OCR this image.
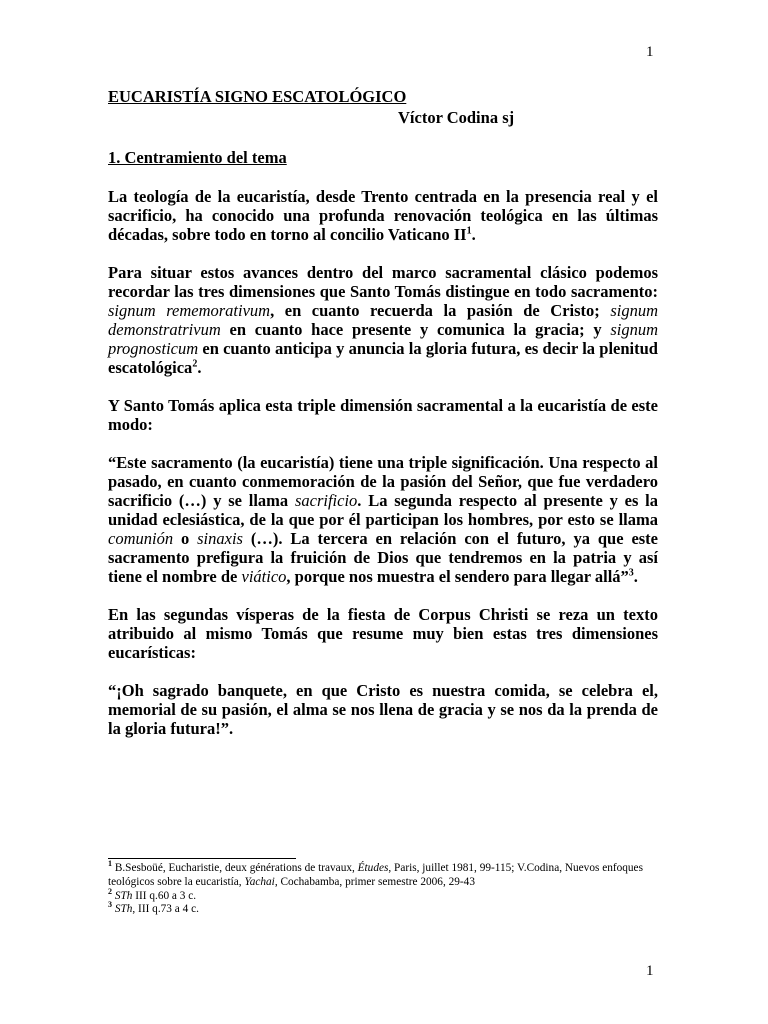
1
EUCARISTÍA SIGNO ESCATOLÓGICO
Víctor Codina sj
1. Centramiento del tema

La teología de la eucaristía, desde Trento centrada en la presencia real y el sacrificio, ha conocido una profunda renovación teológica en las últimas décadas, sobre todo en torno al concilio Vaticano $II^1$.

Para situar estos avances dentro del marco sacramental clásico podemos recordar las tres dimensiones que Santo Tomás distingue en todo sacramento: signum rememorativum, en cuanto recuerda la pasión de Cristo; signum demonstratrivum en cuanto hace presente y comunica la gracia; y signum prognosticum en cuanto anticipa y anuncia la gloria futura, es decir la plenitud escatológica$^2$.

Y Santo Tomás aplica esta triple dimensión sacramental a la eucaristía de este modo:

“Este sacramento (la eucaristía) tiene una triple significación. Una respecto al pasado, en cuanto conmemoración de la pasión del Señor, que fue verdadero sacrificio (…) y se llama sacrificio. La segunda respecto al presente y es la unidad eclesiástica, de la que por él participan los hombres, por esto se llama comunión o sinaxis (…). La tercera en relación con el futuro, ya que este sacramento prefigura la fruición de Dios que tendremos en la patria y así tiene el nombre de viático, porque nos muestra el sendero para llegar allá”$^3$.

En las segundas vísperas de la fiesta de Corpus Christi se reza un texto atribuido al mismo Tomás que resume muy bien estas tres dimensiones eucarísticas:

“¡Oh sagrado banquete, en que Cristo es nuestra comida, se celebra el, memorial de su pasión, el alma se nos llena de gracia y se nos da la prenda de la gloria futura!”.

$^1$ B.Sesboüé, Eucharistie, deux générations de travaux, Études, Paris, juillet 1981, 99-115; V.Codina, Nuevos enfoques teológicos sobre la eucaristía, Yachai, Cochabamba, primer semestre 2006, 29-43
$^2$ STh III q.60 a 3 c.
$^3$ STh, III q.73 a 4 c.
1
